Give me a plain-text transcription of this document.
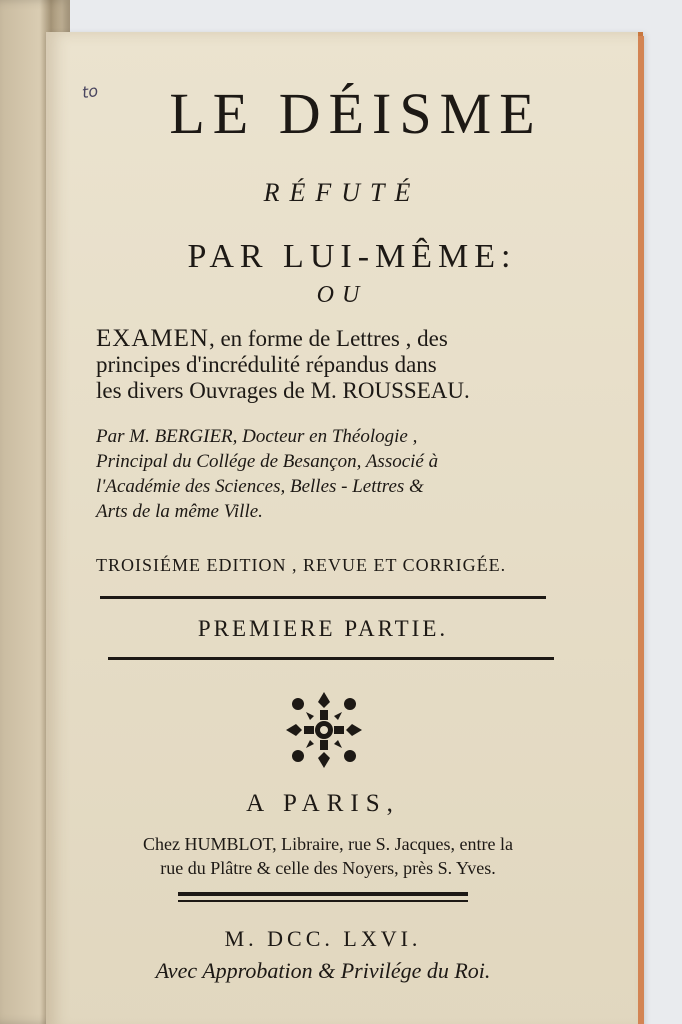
to	LE DÉISME
RÉFUTÉ
PAR LUI-MÊME:
OU
EXAMEN, en forme de Lettres , des
principes d'incrédulité répandus dans
les divers Ouvrages de M. ROUSSEAU.
Par M. BERGIER, Docteur en Théologie ,
Principal du Collége de Besançon, Associé à
l'Académie des Sciences, Belles - Lettres &
Arts de la même Ville.
TROISIÉME EDITION , REVUE ET CORRIGÉE.
PREMIERE PARTIE.
A PARIS,
Chez HUMBLOT, Libraire, rue S. Jacques, entre la
rue du Plâtre & celle des Noyers, près S. Yves.
M. DCC. LXVI.
Avec Approbation & Privilége du Roi.
